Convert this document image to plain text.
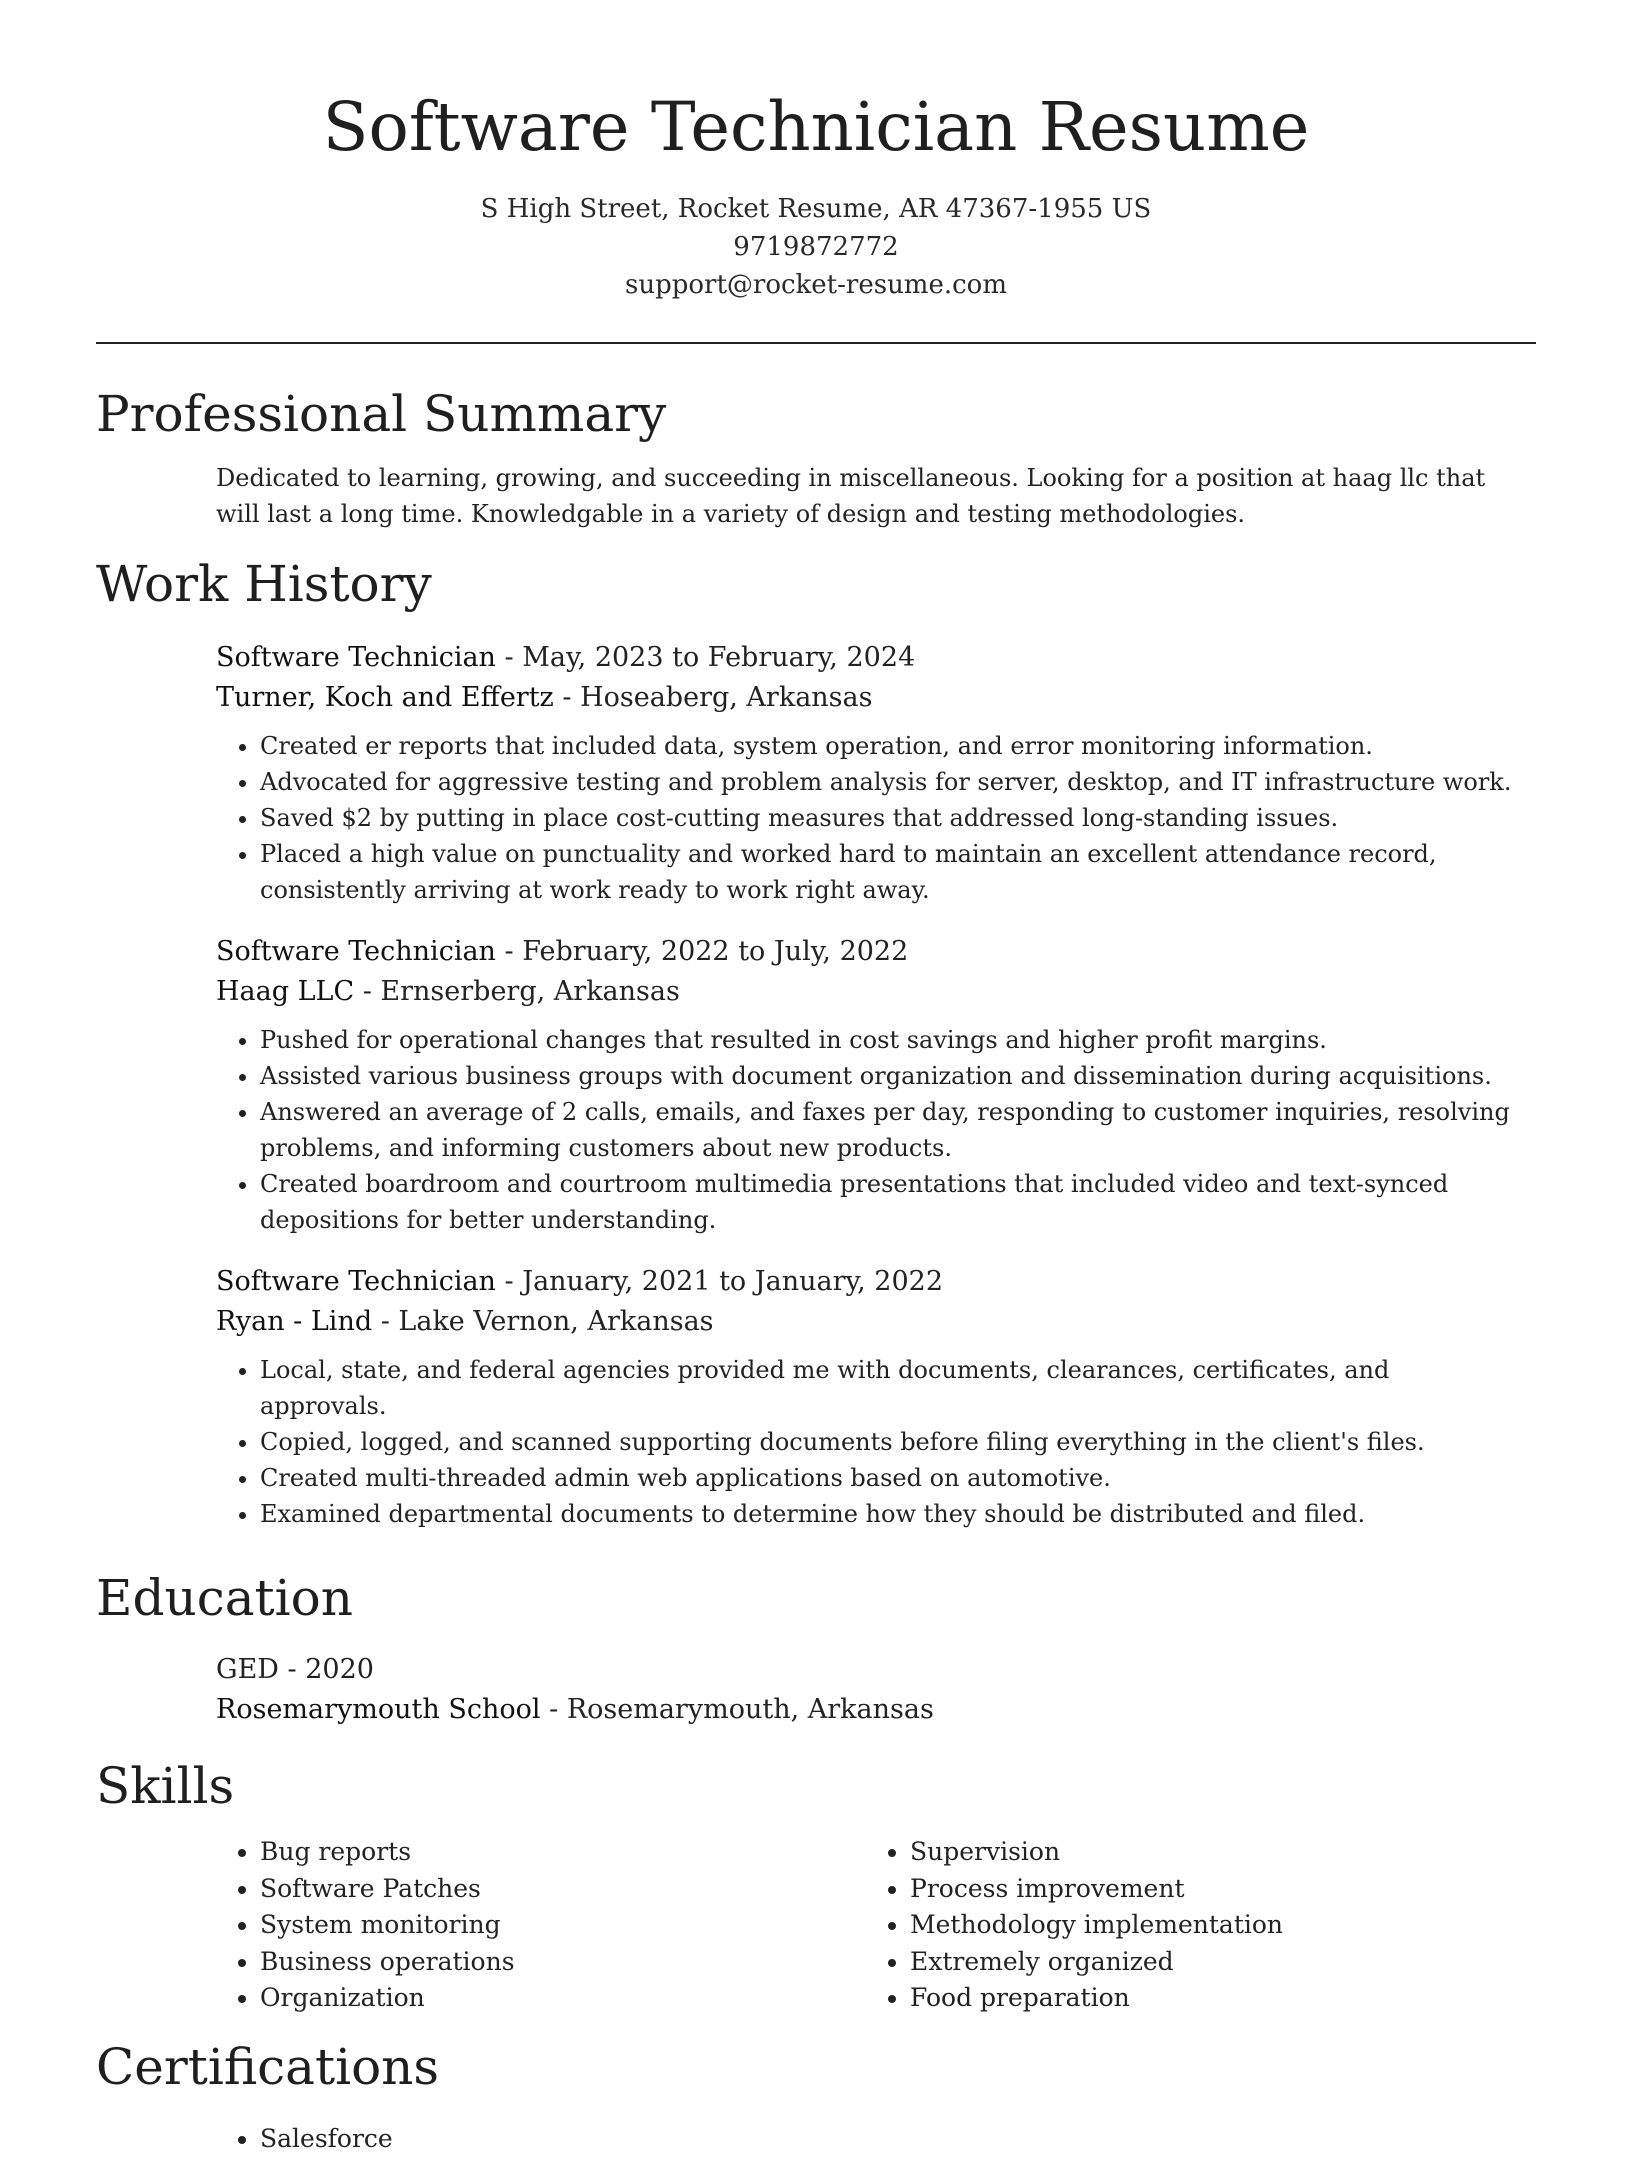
Software Technician Resume
S High Street, Rocket Resume, AR 47367-1955 US
9719872772
support@rocket-resume.com
Professional Summary

Dedicated to learning, growing, and succeeding in miscellaneous. Looking for a position at haag llc that will last a long time. Knowledgable in a variety of design and testing methodologies.

Work History
Software Technician - May, 2023 to February, 2024
Turner, Koch and Effertz - Hoseaberg, Arkansas
• Created er reports that included data, system operation, and error monitoring information.
• Advocated for aggressive testing and problem analysis for server, desktop, and IT infrastructure work.
• Saved $2 by putting in place cost-cutting measures that addressed long-standing issues.
• Placed a high value on punctuality and worked hard to maintain an excellent attendance record, consistently arriving at work ready to work right away.
Software Technician - February, 2022 to July, 2022
Haag LLC - Ernserberg, Arkansas
• Pushed for operational changes that resulted in cost savings and higher profit margins.
• Assisted various business groups with document organization and dissemination during acquisitions.
• Answered an average of 2 calls, emails, and faxes per day, responding to customer inquiries, resolving problems, and informing customers about new products.
• Created boardroom and courtroom multimedia presentations that included video and text-synced depositions for better understanding.
Software Technician - January, 2021 to January, 2022
Ryan - Lind - Lake Vernon, Arkansas
• Local, state, and federal agencies provided me with documents, clearances, certificates, and approvals.
• Copied, logged, and scanned supporting documents before filing everything in the client's files.
• Created multi-threaded admin web applications based on automotive.
• Examined departmental documents to determine how they should be distributed and filed.
Education
GED - 2020
Rosemarymouth School - Rosemarymouth, Arkansas
Skills
• Bug reports
• Software Patches
• System monitoring
• Business operations
• Organization
• Supervision
• Process improvement
• Methodology implementation
• Extremely organized
• Food preparation
Certifications
• Salesforce
